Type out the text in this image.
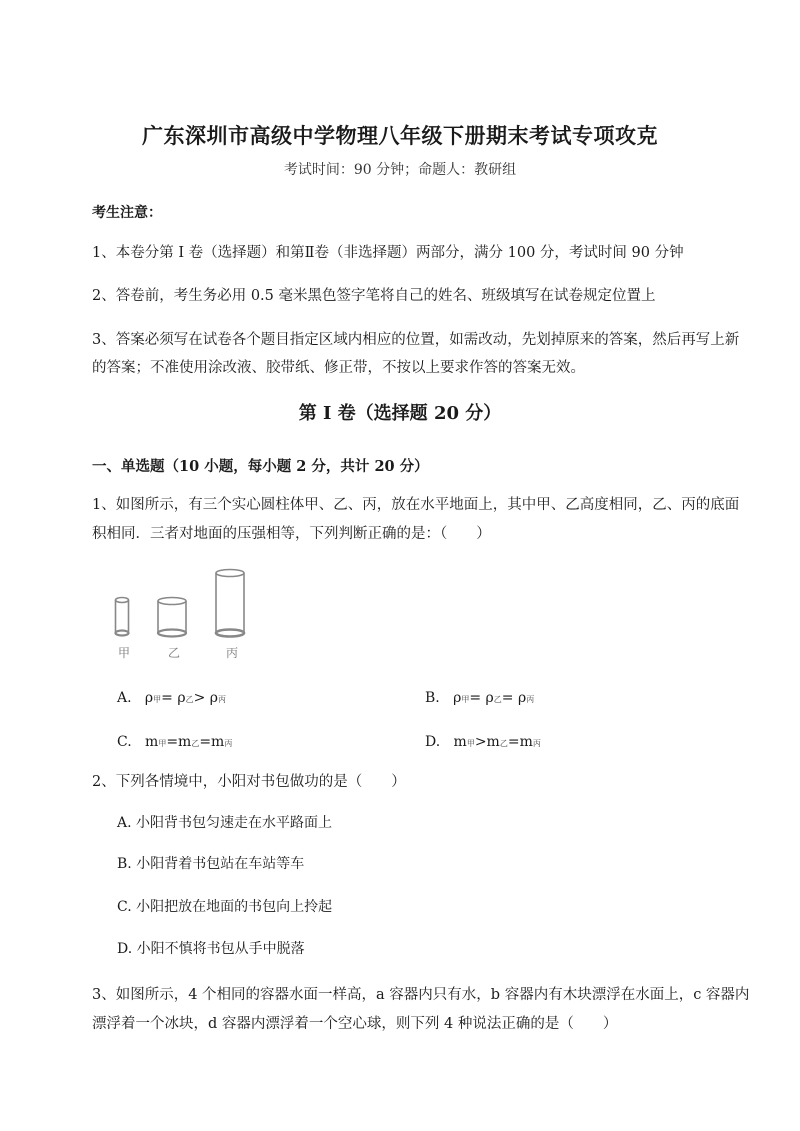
广东深圳市高级中学物理八年级下册期末考试专项攻克
考试时间：90 分钟；命题人：教研组
考生注意：
1、本卷分第 I 卷（选择题）和第Ⅱ卷（非选择题）两部分，满分 100 分，考试时间 90 分钟
2、答卷前，考生务必用 0.5 毫米黑色签字笔将自己的姓名、班级填写在试卷规定位置上
3、答案必须写在试卷各个题目指定区域内相应的位置，如需改动，先划掉原来的答案，然后再写上新的答案；不准使用涂改液、胶带纸、修正带，不按以上要求作答的答案无效。
第 I 卷（选择题 20 分）
一、单选题（10 小题，每小题 2 分，共计 20 分）
1、如图所示，有三个实心圆柱体甲、乙、丙，放在水平地面上，其中甲、乙高度相同，乙、丙的底面积相同．三者对地面的压强相等，下列判断正确的是：（　　）
甲	乙	丙
A. ρ甲= ρ乙> ρ丙	B. ρ甲= ρ乙= ρ丙
C. m甲=m乙=m丙	D. m甲>m乙=m丙
2、下列各情境中，小阳对书包做功的是（　　）
A. 小阳背书包匀速走在水平路面上
B. 小阳背着书包站在车站等车
C. 小阳把放在地面的书包向上拎起
D. 小阳不慎将书包从手中脱落
3、如图所示，4 个相同的容器水面一样高，a 容器内只有水，b 容器内有木块漂浮在水面上，c 容器内漂浮着一个冰块，d 容器内漂浮着一个空心球，则下列 4 种说法正确的是（　　）
